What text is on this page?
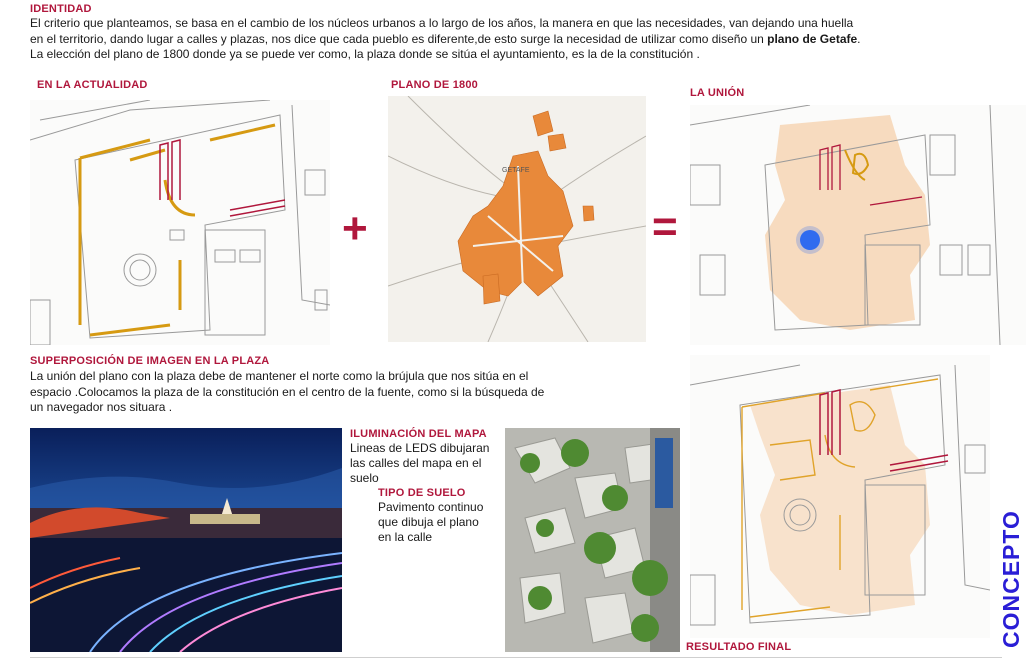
IDENTIDAD
El criterio que planteamos, se basa en el cambio de los núcleos urbanos a lo largo de los años, la manera en que las necesidades, van dejando una huella
en el territorio, dando lugar a calles y plazas, nos dice que cada pueblo es diferente,de esto surge la necesidad de utilizar como diseño un plano de Getafe.
La elección del plano de 1800 donde ya se puede ver como, la plaza donde se sitúa el ayuntamiento, es la de la constitución .
EN LA ACTUALIDAD	PLANO DE 1800
LA UNIÓN
+
GETAFE
=
SUPERPOSICIÓN DE IMAGEN EN LA PLAZA
La unión del plano con la plaza debe de mantener el norte como la brújula que nos sitúa en el
espacio .Colocamos la plaza de la constitución en el centro de la fuente, como si la búsqueda de
un navegador nos situara .
ILUMINACIÓN DEL MAPA
Lineas de LEDS dibujaran
las calles del mapa en el
suelo
TIPO DE SUELO
Pavimento continuo
que dibuja el plano
en la calle
RESULTADO FINAL	CONCEPTO
